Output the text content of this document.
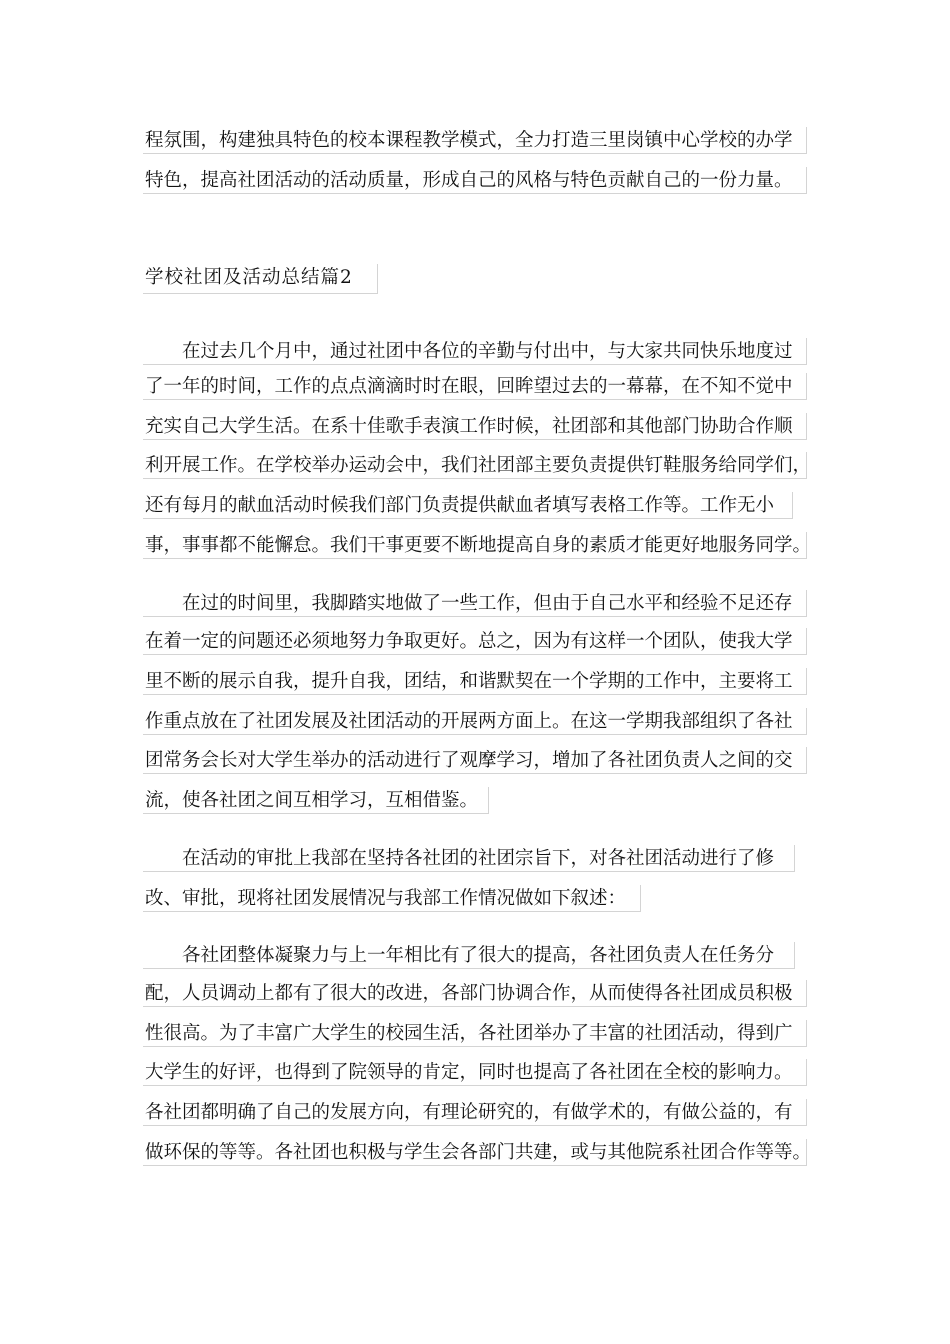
程氛围，构建独具特色的校本课程教学模式，全力打造三里岗镇中心学校的办学
特色，提高社团活动的活动质量，形成自己的风格与特色贡献自己的一份力量。
学校社团及活动总结篇2
在过去几个月中，通过社团中各位的辛勤与付出中，与大家共同快乐地度过
了一年的时间，工作的点点滴滴时时在眼，回眸望过去的一幕幕，在不知不觉中
充实自己大学生活。在系十佳歌手表演工作时候，社团部和其他部门协助合作顺
利开展工作。在学校举办运动会中，我们社团部主要负责提供钉鞋服务给同学们，
还有每月的献血活动时候我们部门负责提供献血者填写表格工作等。工作无小
事，事事都不能懈怠。我们干事更要不断地提高自身的素质才能更好地服务同学。
在过的时间里，我脚踏实地做了一些工作，但由于自己水平和经验不足还存
在着一定的问题还必须地努力争取更好。总之，因为有这样一个团队，使我大学
里不断的展示自我，提升自我，团结，和谐默契在一个学期的工作中，主要将工
作重点放在了社团发展及社团活动的开展两方面上。在这一学期我部组织了各社
团常务会长对大学生举办的活动进行了观摩学习，增加了各社团负责人之间的交
流，使各社团之间互相学习，互相借鉴。
在活动的审批上我部在坚持各社团的社团宗旨下，对各社团活动进行了修
改、审批，现将社团发展情况与我部工作情况做如下叙述：
各社团整体凝聚力与上一年相比有了很大的提高，各社团负责人在任务分
配，人员调动上都有了很大的改进，各部门协调合作，从而使得各社团成员积极
性很高。为了丰富广大学生的校园生活，各社团举办了丰富的社团活动，得到广
大学生的好评，也得到了院领导的肯定，同时也提高了各社团在全校的影响力。
各社团都明确了自己的发展方向，有理论研究的，有做学术的，有做公益的，有
做环保的等等。各社团也积极与学生会各部门共建，或与其他院系社团合作等等。
